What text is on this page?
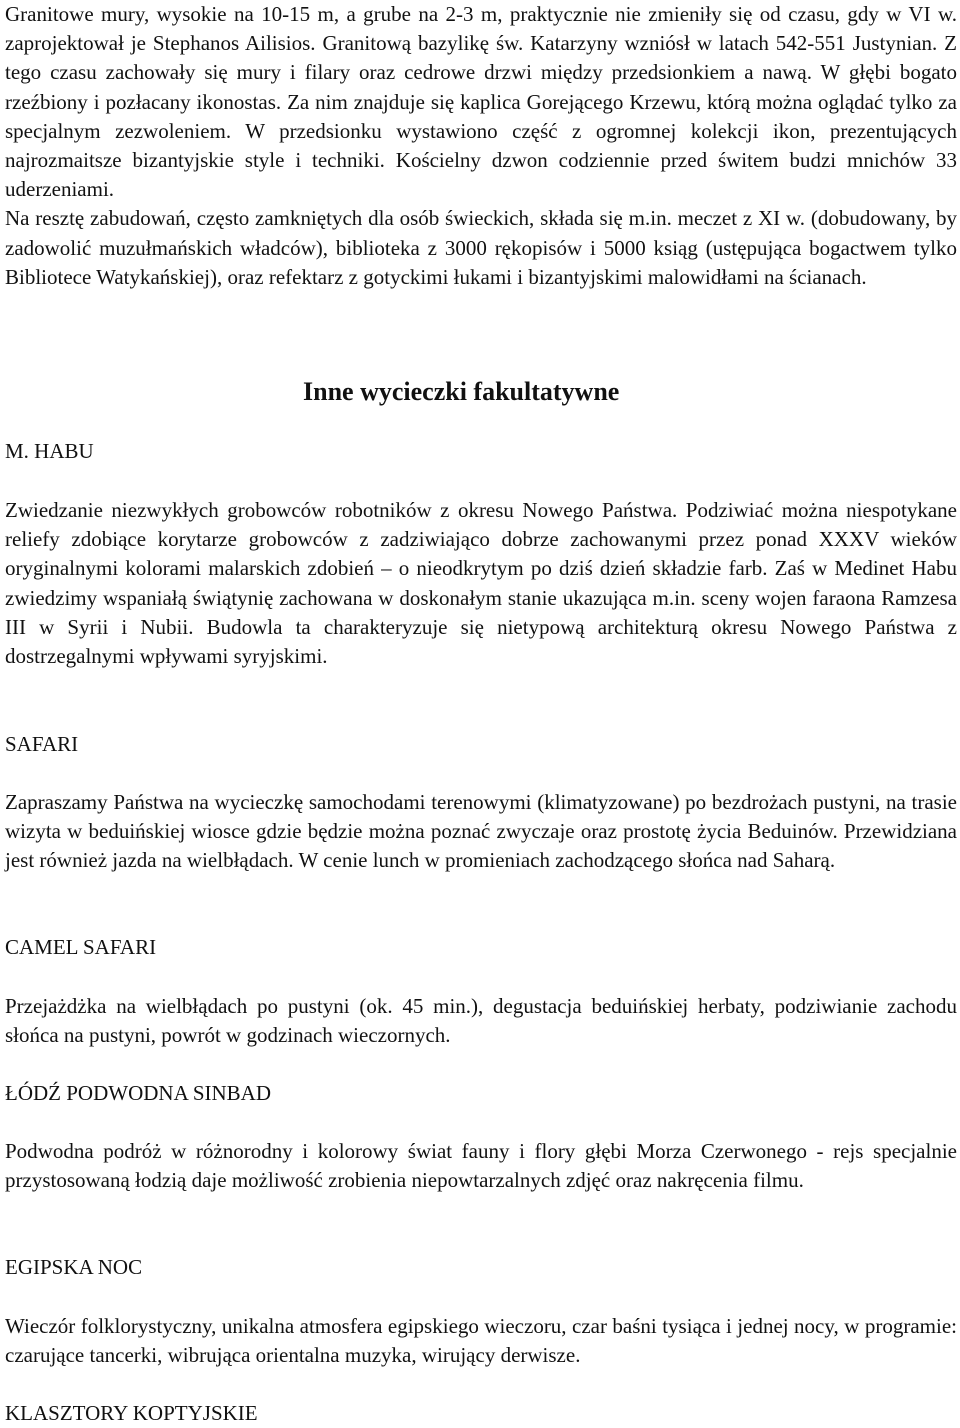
Granitowe mury, wysokie na 10-15 m, a grube na 2-3 m, praktycznie nie zmieniły się od czasu, gdy w VI w. zaprojektował je Stephanos Ailisios. Granitową bazylikę św. Katarzyny wzniósł w latach 542-551 Justynian. Z tego czasu zachowały się mury i filary oraz cedrowe drzwi między przedsionkiem a nawą. W głębi bogato rzeźbiony i pozłacany ikonostas. Za nim znajduje się kaplica Gorejącego Krzewu, którą można oglądać tylko za specjalnym zezwoleniem. W przedsionku wystawiono część z ogromnej kolekcji ikon, prezentujących najrozmaitsze bizantyjskie style i techniki. Kościelny dzwon codziennie przed świtem budzi mnichów 33 uderzeniami.

Na resztę zabudowań, często zamkniętych dla osób świeckich, składa się m.in. meczet z XI w. (dobudowany, by zadowolić muzułmańskich władców), biblioteka z 3000 rękopisów i 5000 ksiąg (ustępująca bogactwem tylko Bibliotece Watykańskiej), oraz refektarz z gotyckimi łukami i bizantyjskimi malowidłami na ścianach.

Inne wycieczki fakultatywne
M. HABU

Zwiedzanie niezwykłych grobowców robotników z okresu Nowego Państwa. Podziwiać można niespotykane reliefy zdobiące korytarze grobowców z zadziwiająco dobrze zachowanymi przez ponad XXXV wieków oryginalnymi kolorami malarskich zdobień – o nieodkrytym po dziś dzień składzie farb. Zaś w Medinet Habu zwiedzimy wspaniałą świątynię zachowana w doskonałym stanie ukazująca m.in. sceny wojen faraona Ramzesa III w Syrii i Nubii. Budowla ta charakteryzuje się nietypową architekturą okresu Nowego Państwa z dostrzegalnymi wpływami syryjskimi.

SAFARI

Zapraszamy Państwa na wycieczkę samochodami terenowymi (klimatyzowane) po bezdrożach pustyni, na trasie wizyta w beduińskiej wiosce gdzie będzie można poznać zwyczaje oraz prostotę życia Beduinów. Przewidziana jest również jazda na wielbłądach. W cenie lunch w promieniach zachodzącego słońca nad Saharą.

CAMEL SAFARI

Przejażdżka na wielbłądach po pustyni (ok. 45 min.), degustacja beduińskiej herbaty, podziwianie zachodu słońca na pustyni, powrót w godzinach wieczornych.

ŁÓDŹ PODWODNA SINBAD

Podwodna podróż w różnorodny i kolorowy świat fauny i flory głębi Morza Czerwonego - rejs specjalnie przystosowaną łodzią daje możliwość zrobienia niepowtarzalnych zdjęć oraz nakręcenia filmu.

EGIPSKA NOC

Wieczór folklorystyczny, unikalna atmosfera egipskiego wieczoru, czar baśni tysiąca i jednej nocy, w programie: czarujące tancerki, wibrująca orientalna muzyka, wirujący derwisze.

KLASZTORY KOPTYJSKIE
